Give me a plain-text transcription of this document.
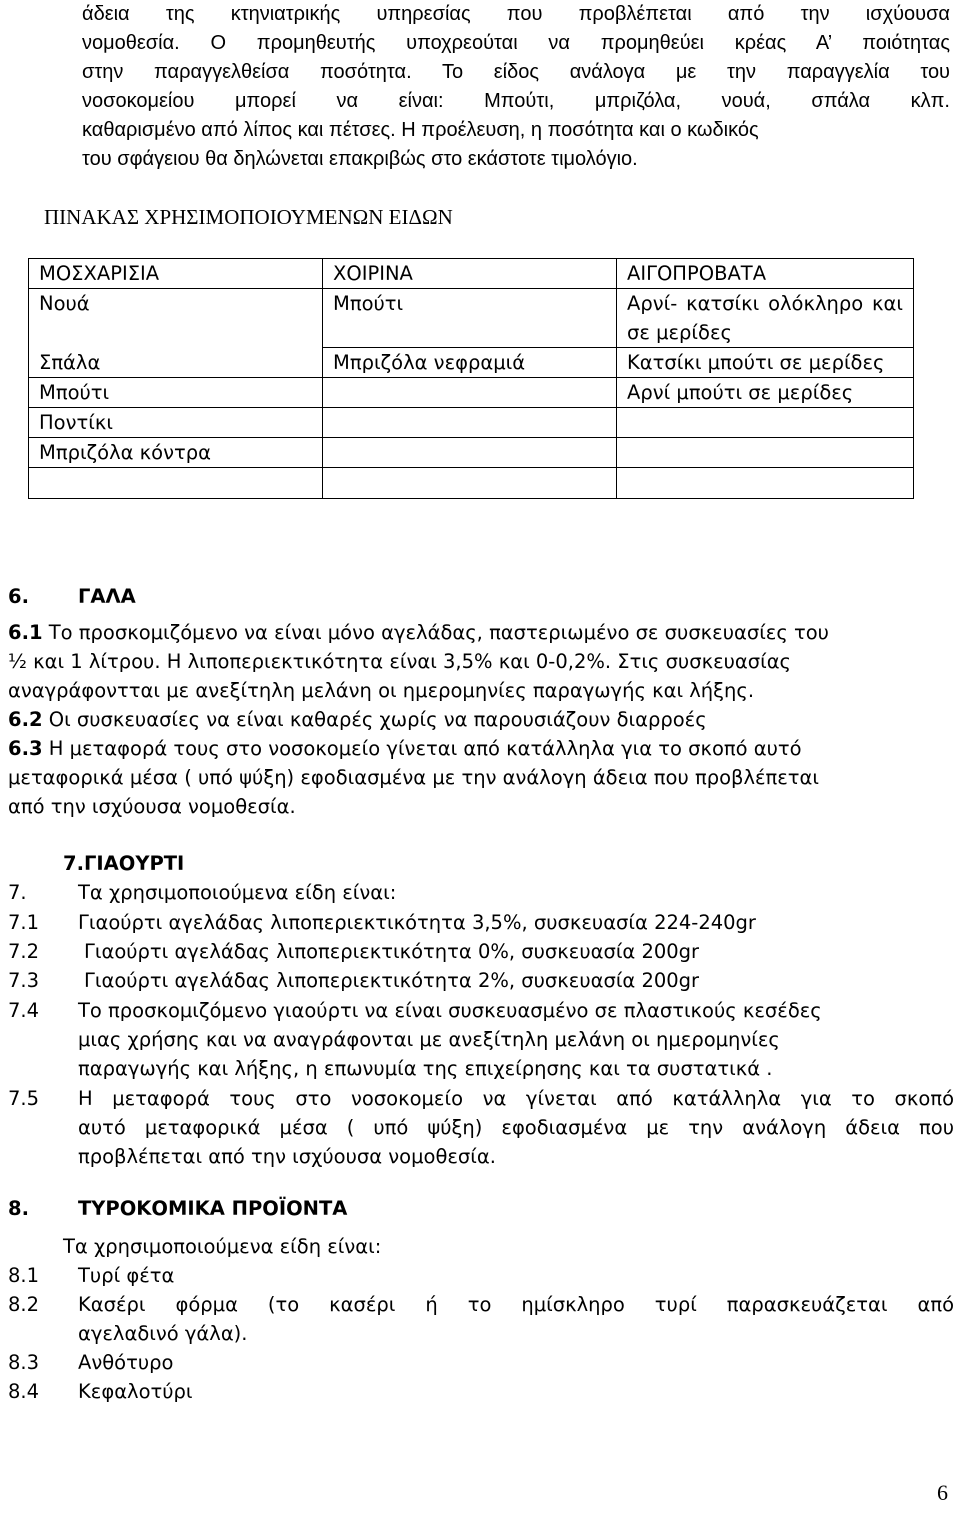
άδεια της κτηνιατρικής υπηρεσίας που προβλέπεται από την ισχύουσα
νομοθεσία. Ο προμηθευτής υποχρεούται να προμηθεύει κρέας Α’ ποιότητας
στην παραγγελθείσα ποσότητα. Το είδος ανάλογα με την παραγγελία του
νοσοκομείου μπορεί να είναι: Μπούτι, μπριζόλα, νουά, σπάλα κλπ.
καθαρισμένο από λίπος και πέτσες. Η προέλευση, η ποσότητα και ο κωδικός
του σφάγειου θα δηλώνεται επακριβώς στο εκάστοτε τιμολόγιο.
ΠΙΝΑΚΑΣ ΧΡΗΣΙΜΟΠΟΙΟΥΜΕΝΩΝ ΕΙΔΩΝ
ΜΟΣΧΑΡΙΣΙΑ	ΧΟΙΡΙΝΑ	ΑΙΓΟΠΡΟΒΑΤΑ
Νουά	Μπούτι	Αρνί- κατσίκι ολόκληρο και σε μερίδες
Σπάλα	Μπριζόλα νεφραμιά	Κατσίκι μπούτι σε μερίδες
Μπούτι		Αρνί μπούτι σε μερίδες
Ποντίκι		
Μπριζόλα κόντρα		

6.	ΓΑΛΑ
6.1 Το προσκομιζόμενο να είναι μόνο αγελάδας, παστεριωμένο σε συσκευασίες του
½ και 1 λίτρου. Η λιποπεριεκτικότητα είναι 3,5% και 0-0,2%. Στις συσκευασίας
αναγράφοντται με ανεξίτηλη μελάνη οι ημερομηνίες παραγωγής και λήξης.
6.2 Οι συσκευασίες να είναι καθαρές χωρίς να παρουσιάζουν διαρροές
6.3 Η μεταφορά τους στο νοσοκομείο γίνεται από κατάλληλα για το σκοπό αυτό
μεταφορικά μέσα ( υπό ψύξη) εφοδιασμένα με την ανάλογη άδεια που προβλέπεται
από την ισχύουσα νομοθεσία.
7.ΓΙΑΟΥΡΤΙ
7.	Τα χρησιμοποιούμενα είδη είναι:
7.1 Γιαούρτι αγελάδας λιποπεριεκτικότητα 3,5%, συσκευασία 224-240gr
7.2 Γιαούρτι αγελάδας λιποπεριεκτικότητα 0%, συσκευασία 200gr
7.3 Γιαούρτι αγελάδας λιποπεριεκτικότητα 2%, συσκευασία 200gr
7.4 Το προσκομιζόμενο γιαούρτι να είναι συσκευασμένο σε πλαστικούς κεσέδες
μιας χρήσης και να αναγράφονται με ανεξίτηλη μελάνη οι ημερομηνίες
παραγωγής και λήξης, η επωνυμία της επιχείρησης και τα συστατικά .
7.5 Η μεταφορά τους στο νοσοκομείο να γίνεται από κατάλληλα για το σκοπό
αυτό μεταφορικά μέσα ( υπό ψύξη) εφοδιασμένα με την ανάλογη άδεια που
προβλέπεται από την ισχύουσα νομοθεσία.
8.	ΤΥΡΟΚΟΜΙΚΑ ΠΡΟΪΟΝΤΑ
Τα χρησιμοποιούμενα είδη είναι:
8.1 Τυρί φέτα
8.2 Κασέρι φόρμα (το κασέρι ή το ημίσκληρο τυρί παρασκευάζεται από
αγελαδινό γάλα).
8.3 Ανθότυρο
8.4 Κεφαλοτύρι
6
